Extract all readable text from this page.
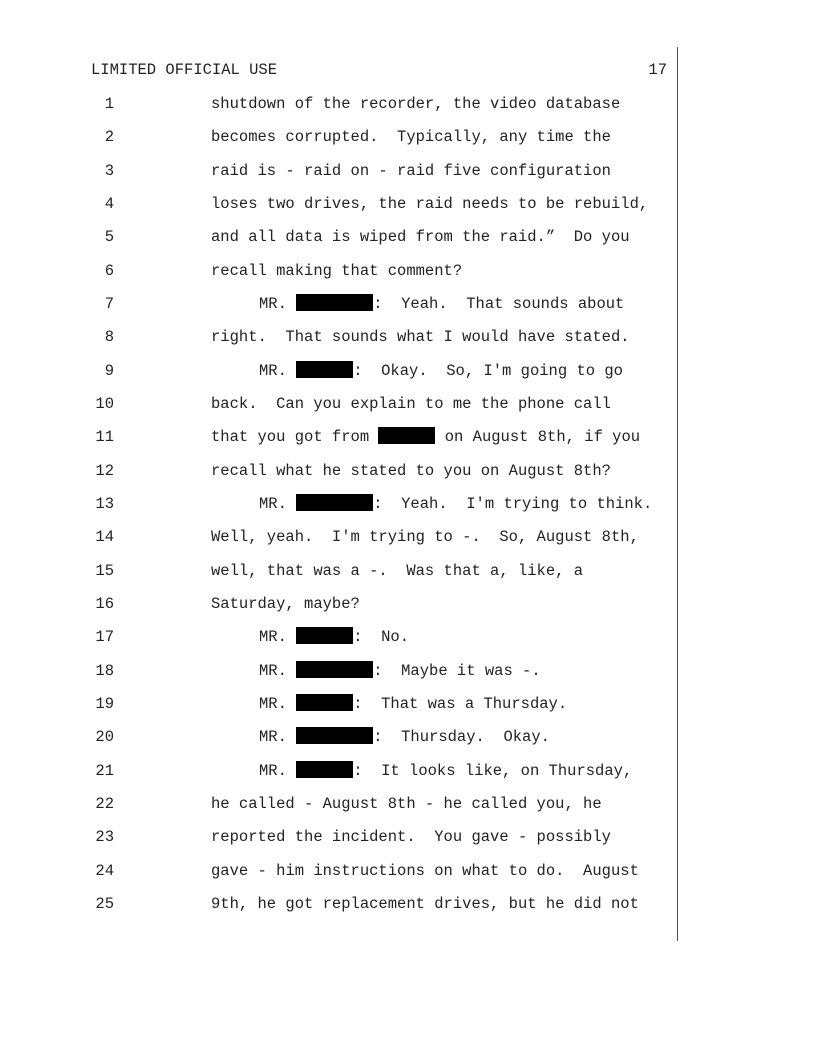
LIMITED OFFICIAL USE	17
1	shutdown of the recorder, the video database
2	becomes corrupted.  Typically, any time the
3	raid is - raid on - raid five configuration
4	loses two drives, the raid needs to be rebuild,
5	and all data is wiped from the raid.”  Do you
6	recall making that comment?
7	MR.	:  Yeah.  That sounds about
8	right.  That sounds what I would have stated.
9	MR.	:  Okay.  So, I'm going to go
10	back.  Can you explain to me the phone call
11	that you got from	on August 8th, if you
12	recall what he stated to you on August 8th?
13	MR.	:  Yeah.  I'm trying to think.
14	Well, yeah.  I'm trying to -.  So, August 8th,
15	well, that was a -.  Was that a, like, a
16	Saturday, maybe?
17	MR.	:  No.
18	MR.	:  Maybe it was -.
19	MR.	:  That was a Thursday.
20	MR.	:  Thursday.  Okay.
21	MR.	:  It looks like, on Thursday,
22	he called - August 8th - he called you, he
23	reported the incident.  You gave - possibly
24	gave - him instructions on what to do.  August
25	9th, he got replacement drives, but he did not
